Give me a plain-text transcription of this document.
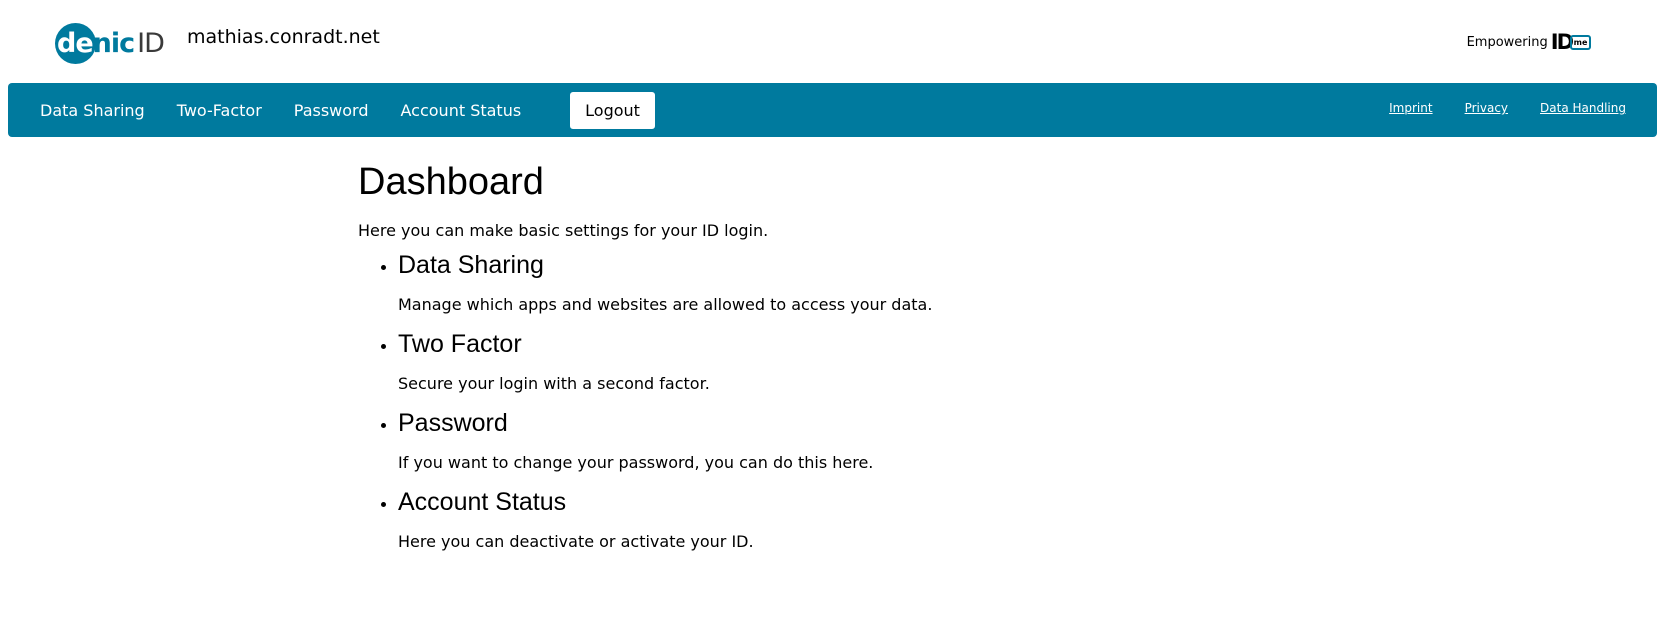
de nic ID mathias.conradt.net	Empowering ID me
Data Sharing Two-Factor Password Account Status	Logout	Imprint	Privacy	Data Handling
Dashboard

Here you can make basic settings for your ID login.

Data Sharing

Manage which apps and websites are allowed to access your data.

Two Factor

Secure your login with a second factor.

Password

If you want to change your password, you can do this here.

Account Status

Here you can deactivate or activate your ID.
